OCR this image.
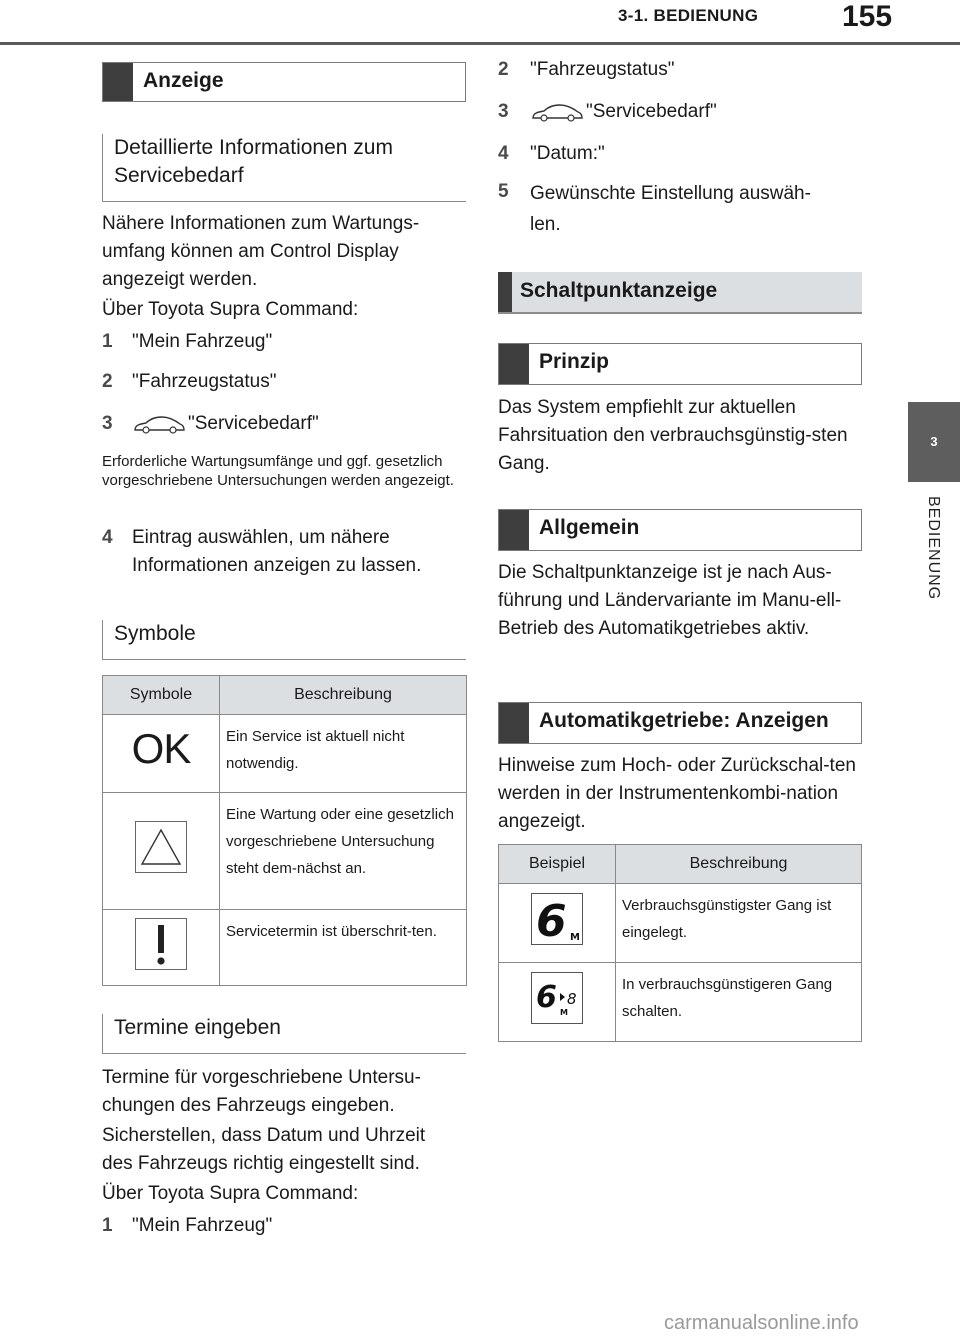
3-1. BEDIENUNG	155
3
BEDIENUNG
Anzeige
Detaillierte Informationen zum Servicebedarf

Nähere Informationen zum Wartungs-umfang können am Control Display angezeigt werden.

Über Toyota Supra Command:

1 "Mein Fahrzeug"
2 "Fahrzeugstatus"
3	"Servicebedarf"

Erforderliche Wartungsumfänge und ggf. gesetzlich vorgeschriebene Untersuchungen werden angezeigt.

4 Eintrag auswählen, um nähere Informationen anzeigen zu lassen.
Symbole
Symbole	Beschreibung
OK	Ein Service ist aktuell nicht notwendig.
	Eine Wartung oder eine gesetzlich vorgeschriebene Untersuchung steht dem-nächst an.
	Servicetermin ist überschrit-ten.
Termine eingeben

Termine für vorgeschriebene Untersu-chungen des Fahrzeugs eingeben.

Sicherstellen, dass Datum und Uhrzeit des Fahrzeugs richtig eingestellt sind.

Über Toyota Supra Command:

1 "Mein Fahrzeug"
2 "Fahrzeugstatus"
3	"Servicebedarf"
4 "Datum:"
5 Gewünschte Einstellung auswäh-len.
Schaltpunktanzeige
Prinzip

Das System empfiehlt zur aktuellen Fahrsituation den verbrauchsgünstig-sten Gang.

Allgemein

Die Schaltpunktanzeige ist je nach Aus-führung und Ländervariante im Manu-ell-Betrieb des Automatikgetriebes aktiv.

Automatikgetriebe: Anzeigen

Hinweise zum Hoch- oder Zurückschal-ten werden in der Instrumentenkombi-nation angezeigt.

Beispiel	Beschreibung

6 M	Verbrauchsgünstigster Gang ist eingelegt.

6 8
M	In verbrauchsgünstigeren Gang schalten.
carmanualsonline.info
